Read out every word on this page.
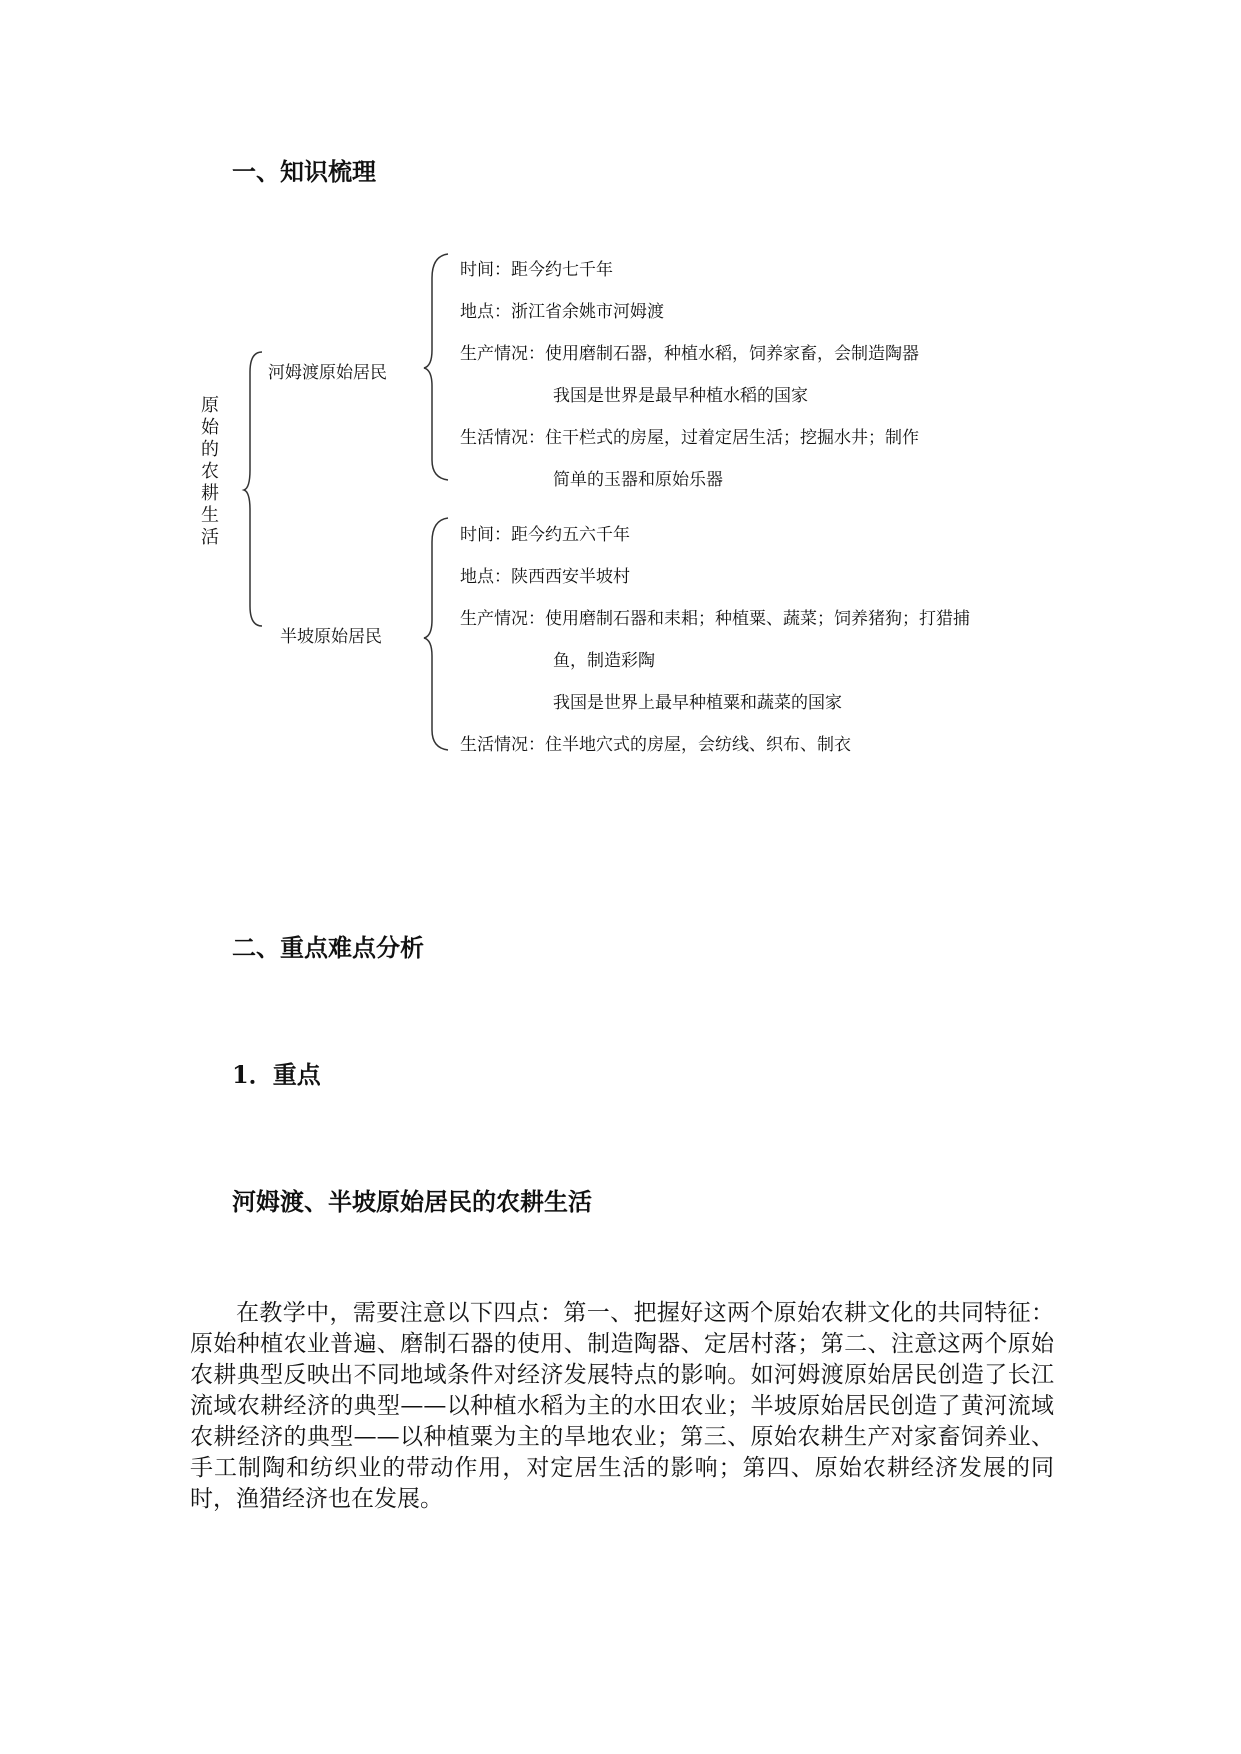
一、知识梳理
原始的农耕生活
河姆渡原始居民
半坡原始居民
时间：距今约七千年
地点：浙江省余姚市河姆渡
生产情况：使用磨制石器，种植水稻，饲养家畜，会制造陶器
我国是世界是最早种植水稻的国家
生活情况：住干栏式的房屋，过着定居生活；挖掘水井；制作
简单的玉器和原始乐器
时间：距今约五六千年
地点：陕西西安半坡村
生产情况：使用磨制石器和耒耜；种植粟、蔬菜；饲养猪狗；打猎捕
鱼，制造彩陶
我国是世界上最早种植粟和蔬菜的国家
生活情况：住半地穴式的房屋，会纺线、织布、制衣
二、重点难点分析
1．重点
河姆渡、半坡原始居民的农耕生活
在教学中，需要注意以下四点：第一、把握好这两个原始农耕文化的共同特征：原始种植农业普遍、磨制石器的使用、制造陶器、定居村落；第二、注意这两个原始农耕典型反映出不同地域条件对经济发展特点的影响。如河姆渡原始居民创造了长江流域农耕经济的典型——以种植水稻为主的水田农业；半坡原始居民创造了黄河流域农耕经济的典型——以种植粟为主的旱地农业；第三、原始农耕生产对家畜饲养业、手工制陶和纺织业的带动作用，对定居生活的影响；第四、原始农耕经济发展的同时，渔猎经济也在发展。
